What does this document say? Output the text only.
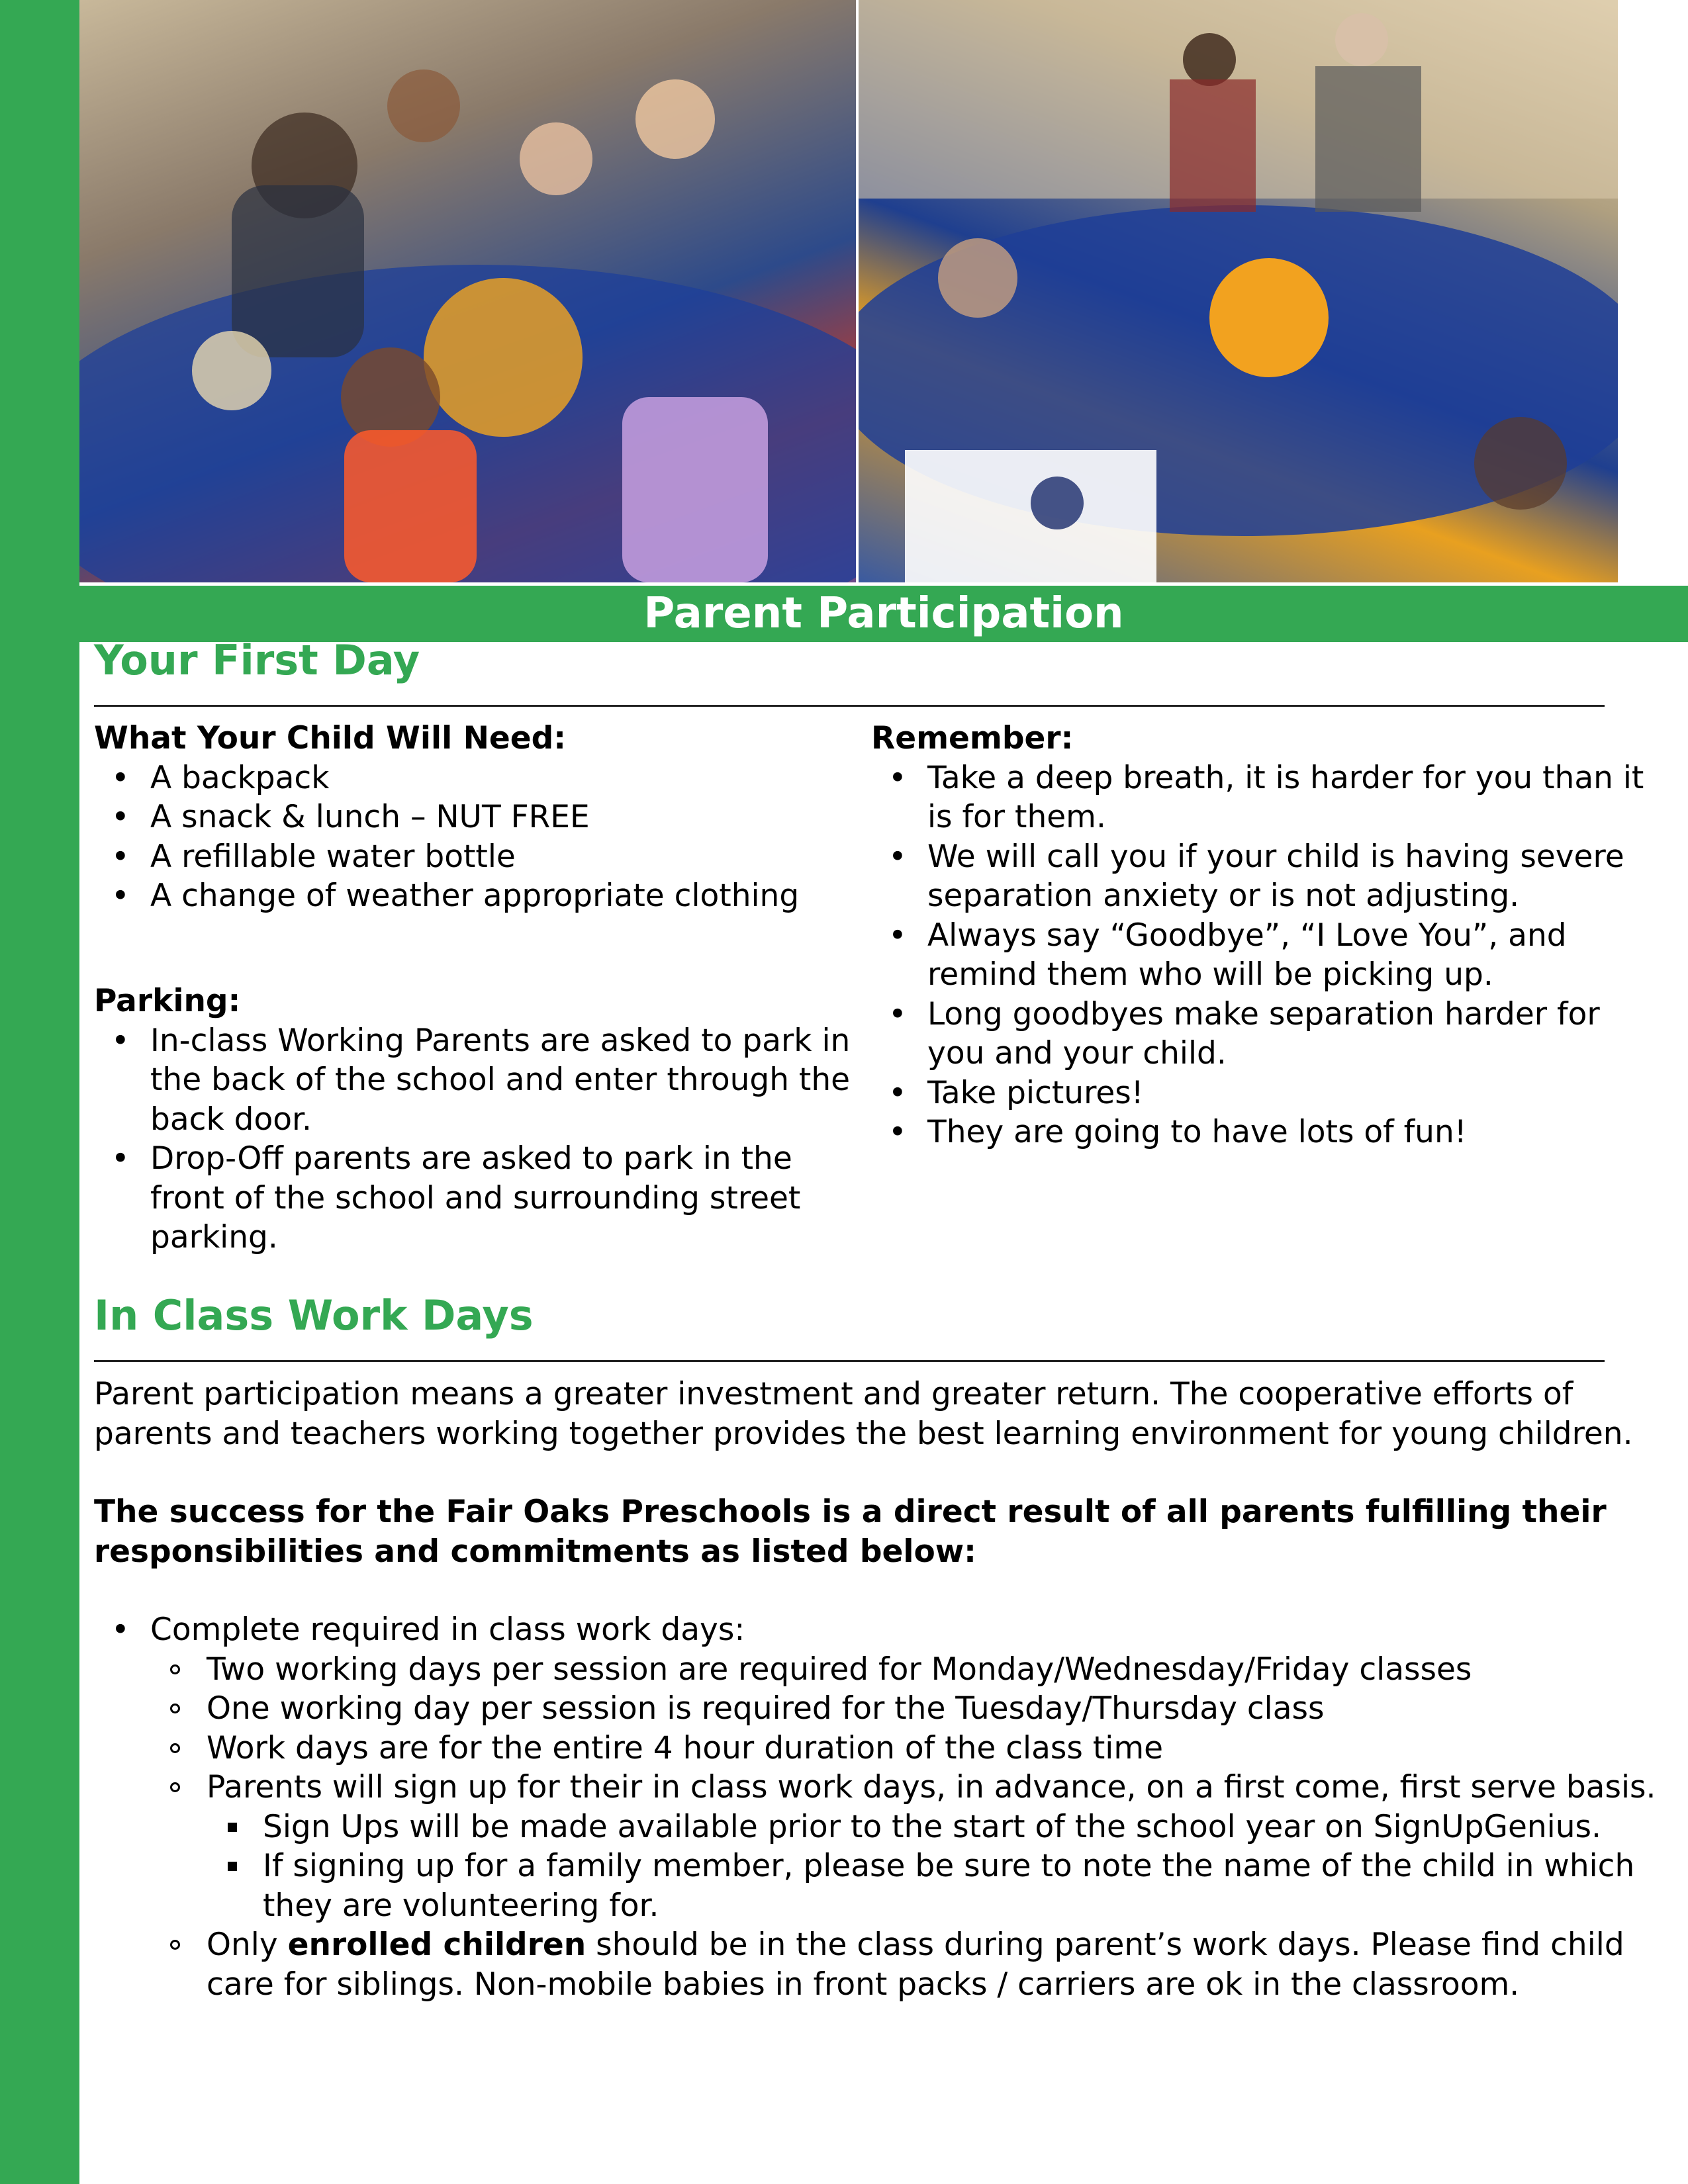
Parent Participation
Your First Day
What Your Child Will Need:
• A backpack
• A snack & lunch – NUT FREE
• A refillable water bottle
• A change of weather appropriate clothing
Parking:
• In-class Working Parents are asked to park in the back of the school and enter through the back door.
• Drop-Off parents are asked to park in the front of the school and surrounding street parking.
Remember:
• Take a deep breath, it is harder for you than it is for them.
• We will call you if your child is having severe separation anxiety or is not adjusting.
• Always say “Goodbye”, “I Love You”, and remind them who will be picking up.
• Long goodbyes make separation harder for you and your child.
• Take pictures!
• They are going to have lots of fun!
In Class Work Days
Parent participation means a greater investment and greater return. The cooperative efforts of parents and teachers working together provides the best learning environment for young children.
The success for the Fair Oaks Preschools is a direct result of all parents fulfilling their responsibilities and commitments as listed below:
• Complete required in class work days:
Two working days per session are required for Monday/Wednesday/Friday classes
One working day per session is required for the Tuesday/Thursday class
Work days are for the entire 4 hour duration of the class time
Parents will sign up for their in class work days, in advance, on a first come, first serve basis.
Sign Ups will be made available prior to the start of the school year on SignUpGenius.
If signing up for a family member, please be sure to note the name of the child in which they are volunteering for.
Only enrolled children should be in the class during parent’s work days. Please find child care for siblings. Non-mobile babies in front packs / carriers are ok in the classroom.
